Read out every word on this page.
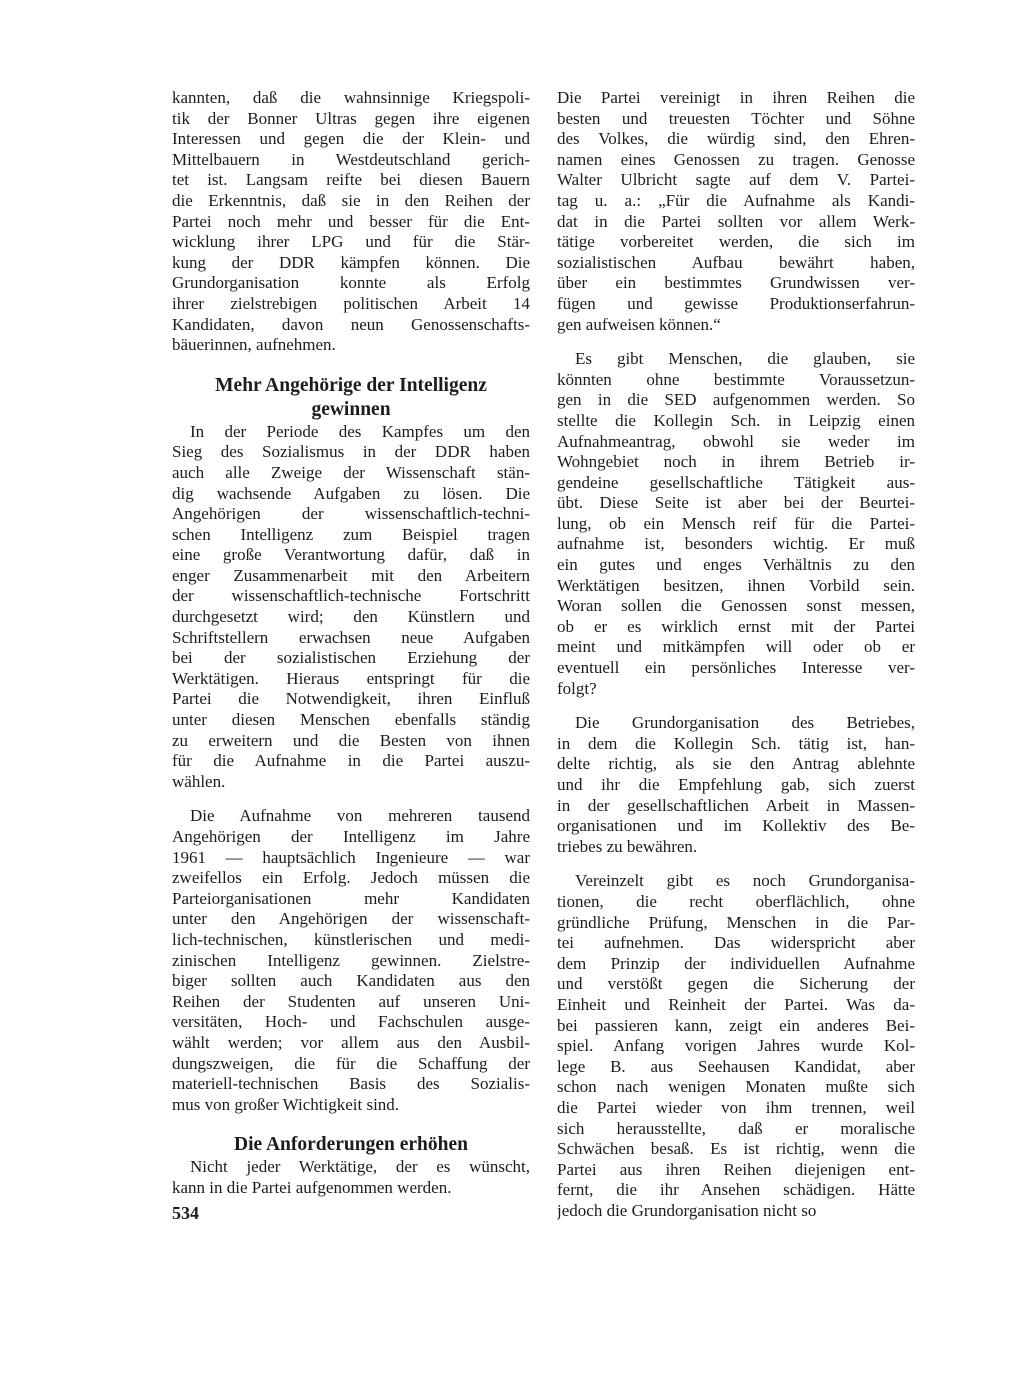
kannten, daß die wahnsinnige Kriegspoli-
tik der Bonner Ultras gegen ihre eigenen
Interessen und gegen die der Klein- und
Mittelbauern in Westdeutschland gerich-
tet ist. Langsam reifte bei diesen Bauern
die Erkenntnis, daß sie in den Reihen der
Partei noch mehr und besser für die Ent-
wicklung ihrer LPG und für die Stär-
kung der DDR kämpfen können. Die
Grundorganisation konnte als Erfolg
ihrer zielstrebigen politischen Arbeit 14
Kandidaten, davon neun Genossenschafts-
bäuerinnen, aufnehmen.
Mehr Angehörige der Intelligenz
gewinnen
In der Periode des Kampfes um den
Sieg des Sozialismus in der DDR haben
auch alle Zweige der Wissenschaft stän-
dig wachsende Aufgaben zu lösen. Die
Angehörigen der wissenschaftlich-techni-
schen Intelligenz zum Beispiel tragen
eine große Verantwortung dafür, daß in
enger Zusammenarbeit mit den Arbeitern
der wissenschaftlich-technische Fortschritt
durchgesetzt wird; den Künstlern und
Schriftstellern erwachsen neue Aufgaben
bei der sozialistischen Erziehung der
Werktätigen. Hieraus entspringt für die
Partei die Notwendigkeit, ihren Einfluß
unter diesen Menschen ebenfalls ständig
zu erweitern und die Besten von ihnen
für die Aufnahme in die Partei auszu-
wählen.
Die Aufnahme von mehreren tausend
Angehörigen der Intelligenz im Jahre
1961 — hauptsächlich Ingenieure — war
zweifellos ein Erfolg. Jedoch müssen die
Parteiorganisationen mehr Kandidaten
unter den Angehörigen der wissenschaft-
lich-technischen, künstlerischen und medi-
zinischen Intelligenz gewinnen. Zielstre-
biger sollten auch Kandidaten aus den
Reihen der Studenten auf unseren Uni-
versitäten, Hoch- und Fachschulen ausge-
wählt werden; vor allem aus den Ausbil-
dungszweigen, die für die Schaffung der
materiell-technischen Basis des Sozialis-
mus von großer Wichtigkeit sind.
Die Anforderungen erhöhen
Nicht jeder Werktätige, der es wünscht,
kann in die Partei aufgenommen werden.
Die Partei vereinigt in ihren Reihen die
besten und treuesten Töchter und Söhne
des Volkes, die würdig sind, den Ehren-
namen eines Genossen zu tragen. Genosse
Walter Ulbricht sagte auf dem V. Partei-
tag u. a.: „Für die Aufnahme als Kandi-
dat in die Partei sollten vor allem Werk-
tätige vorbereitet werden, die sich im
sozialistischen Aufbau bewährt haben,
über ein bestimmtes Grundwissen ver-
fügen und gewisse Produktionserfahrun-
gen aufweisen können.“
Es gibt Menschen, die glauben, sie
könnten ohne bestimmte Voraussetzun-
gen in die SED aufgenommen werden. So
stellte die Kollegin Sch. in Leipzig einen
Aufnahmeantrag, obwohl sie weder im
Wohngebiet noch in ihrem Betrieb ir-
gendeine gesellschaftliche Tätigkeit aus-
übt. Diese Seite ist aber bei der Beurtei-
lung, ob ein Mensch reif für die Partei-
aufnahme ist, besonders wichtig. Er muß
ein gutes und enges Verhältnis zu den
Werktätigen besitzen, ihnen Vorbild sein.
Woran sollen die Genossen sonst messen,
ob er es wirklich ernst mit der Partei
meint und mitkämpfen will oder ob er
eventuell ein persönliches Interesse ver-
folgt?
Die Grundorganisation des Betriebes,
in dem die Kollegin Sch. tätig ist, han-
delte richtig, als sie den Antrag ablehnte
und ihr die Empfehlung gab, sich zuerst
in der gesellschaftlichen Arbeit in Massen-
organisationen und im Kollektiv des Be-
triebes zu bewähren.
Vereinzelt gibt es noch Grundorganisa-
tionen, die recht oberflächlich, ohne
gründliche Prüfung, Menschen in die Par-
tei aufnehmen. Das widerspricht aber
dem Prinzip der individuellen Aufnahme
und verstößt gegen die Sicherung der
Einheit und Reinheit der Partei. Was da-
bei passieren kann, zeigt ein anderes Bei-
spiel. Anfang vorigen Jahres wurde Kol-
lege B. aus Seehausen Kandidat, aber
schon nach wenigen Monaten mußte sich
die Partei wieder von ihm trennen, weil
sich herausstellte, daß er moralische
Schwächen besaß. Es ist richtig, wenn die
Partei aus ihren Reihen diejenigen ent-
fernt, die ihr Ansehen schädigen. Hätte
jedoch die Grundorganisation nicht so
534
